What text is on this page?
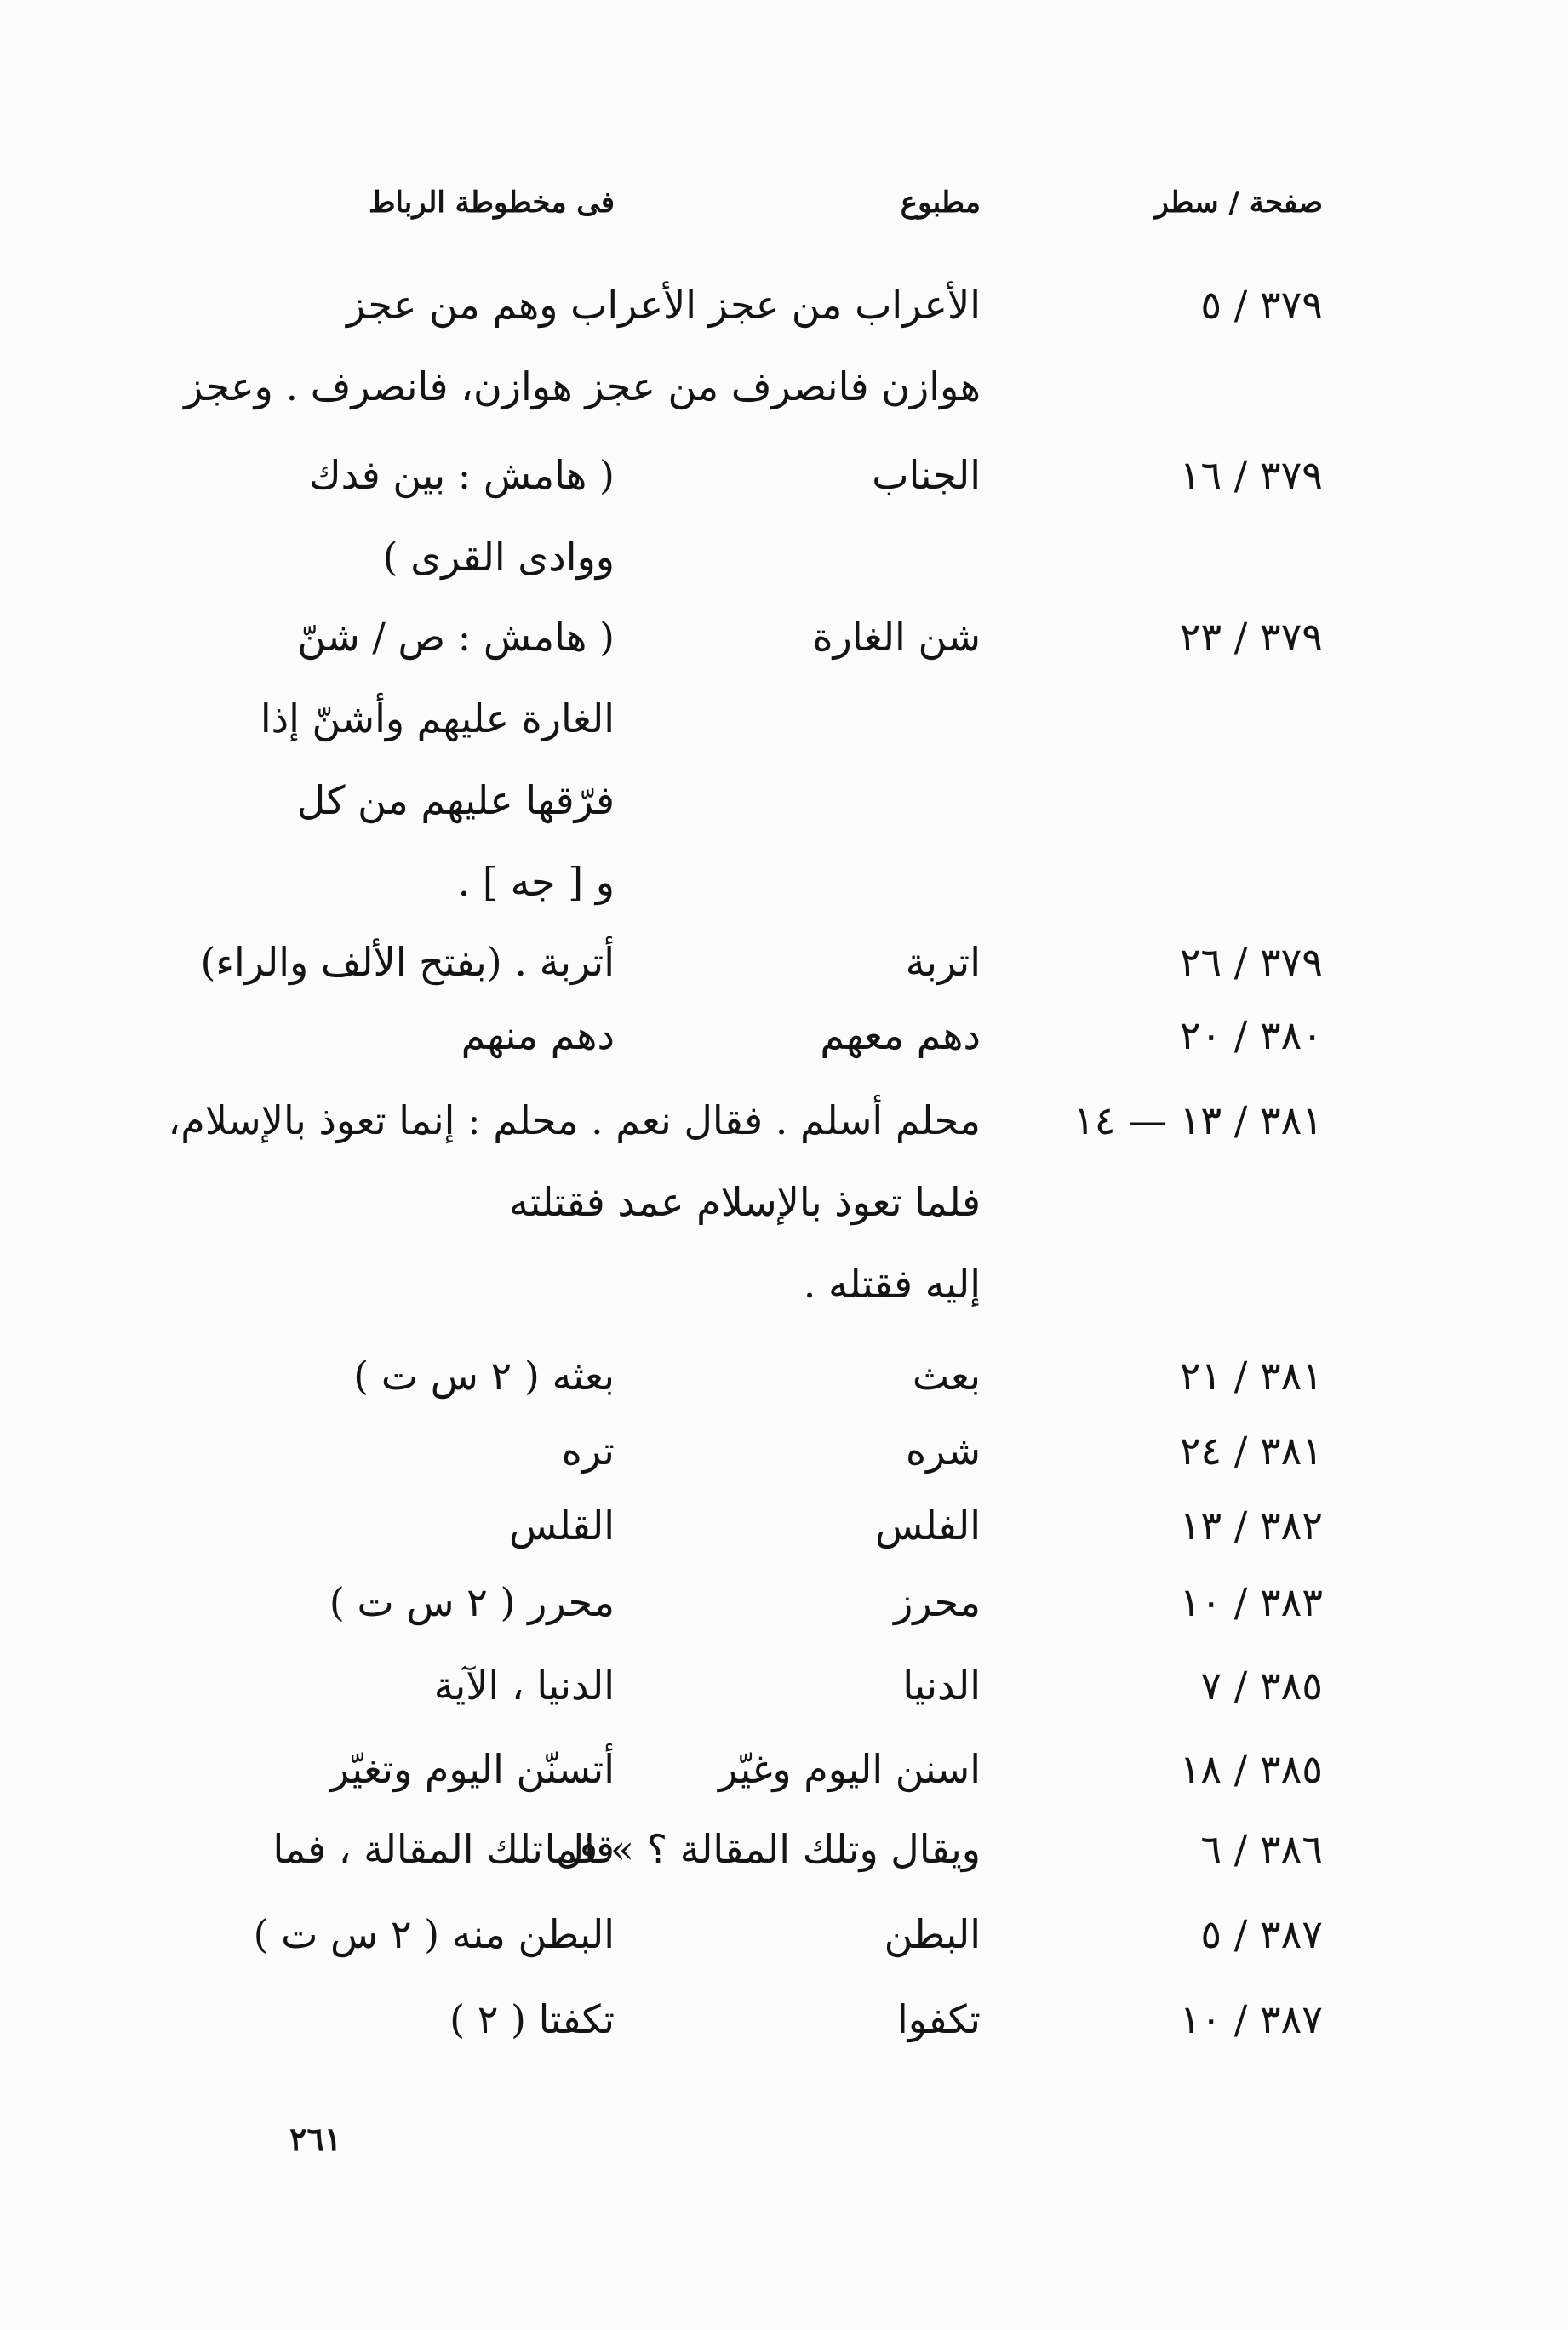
صفحة / سطر
مطبوع
فى مخطوطة الرباط
٣٧٩ / ٥
الأعراب من عجز الأعراب وهم من عجز
هوازن فانصرف من عجز هوازن، فانصرف . وعجز
٣٧٩ / ١٦
الجناب
( هامش : بين فدك
ووادى القرى )
٣٧٩ / ٢٣
شن الغارة
( هامش : ص / شنّ
الغارة عليهم وأشنّ إذا
فرّقها عليهم من كل
و [ جه ] .
٣٧٩ / ٢٦
اتربة
أتربة . (بفتح الألف والراء)
٣٨٠ / ٢٠
دهم معهم
دهم منهم
٣٨١ / ١٣ — ١٤
محلم أسلم . فقال نعم . محلم : إنما تعوذ بالإسلام،
فلما تعوذ بالإسلام عمد فقتلته
إليه فقتله .
٣٨١ / ٢١
بعث
بعثه ( ٢ س ت )
٣٨١ / ٢٤
شره
تره
٣٨٢ / ١٣
الفلس
القلس
٣٨٣ / ١٠
محرز
محرر ( ٢ س ت )
٣٨٥ / ٧
الدنيا
الدنيا ، الآية
٣٨٥ / ١٨
اسنن اليوم وغيّر
أتسنّن اليوم وتغيّر
٣٨٦ / ٦
ويقال وتلك المقالة ؟ » فما
قال تلك المقالة ، فما
٣٨٧ / ٥
البطن
البطن منه ( ٢ س ت )
٣٨٧ / ١٠
تكفوا
تكفتا ( ٢ )
٢٦١
